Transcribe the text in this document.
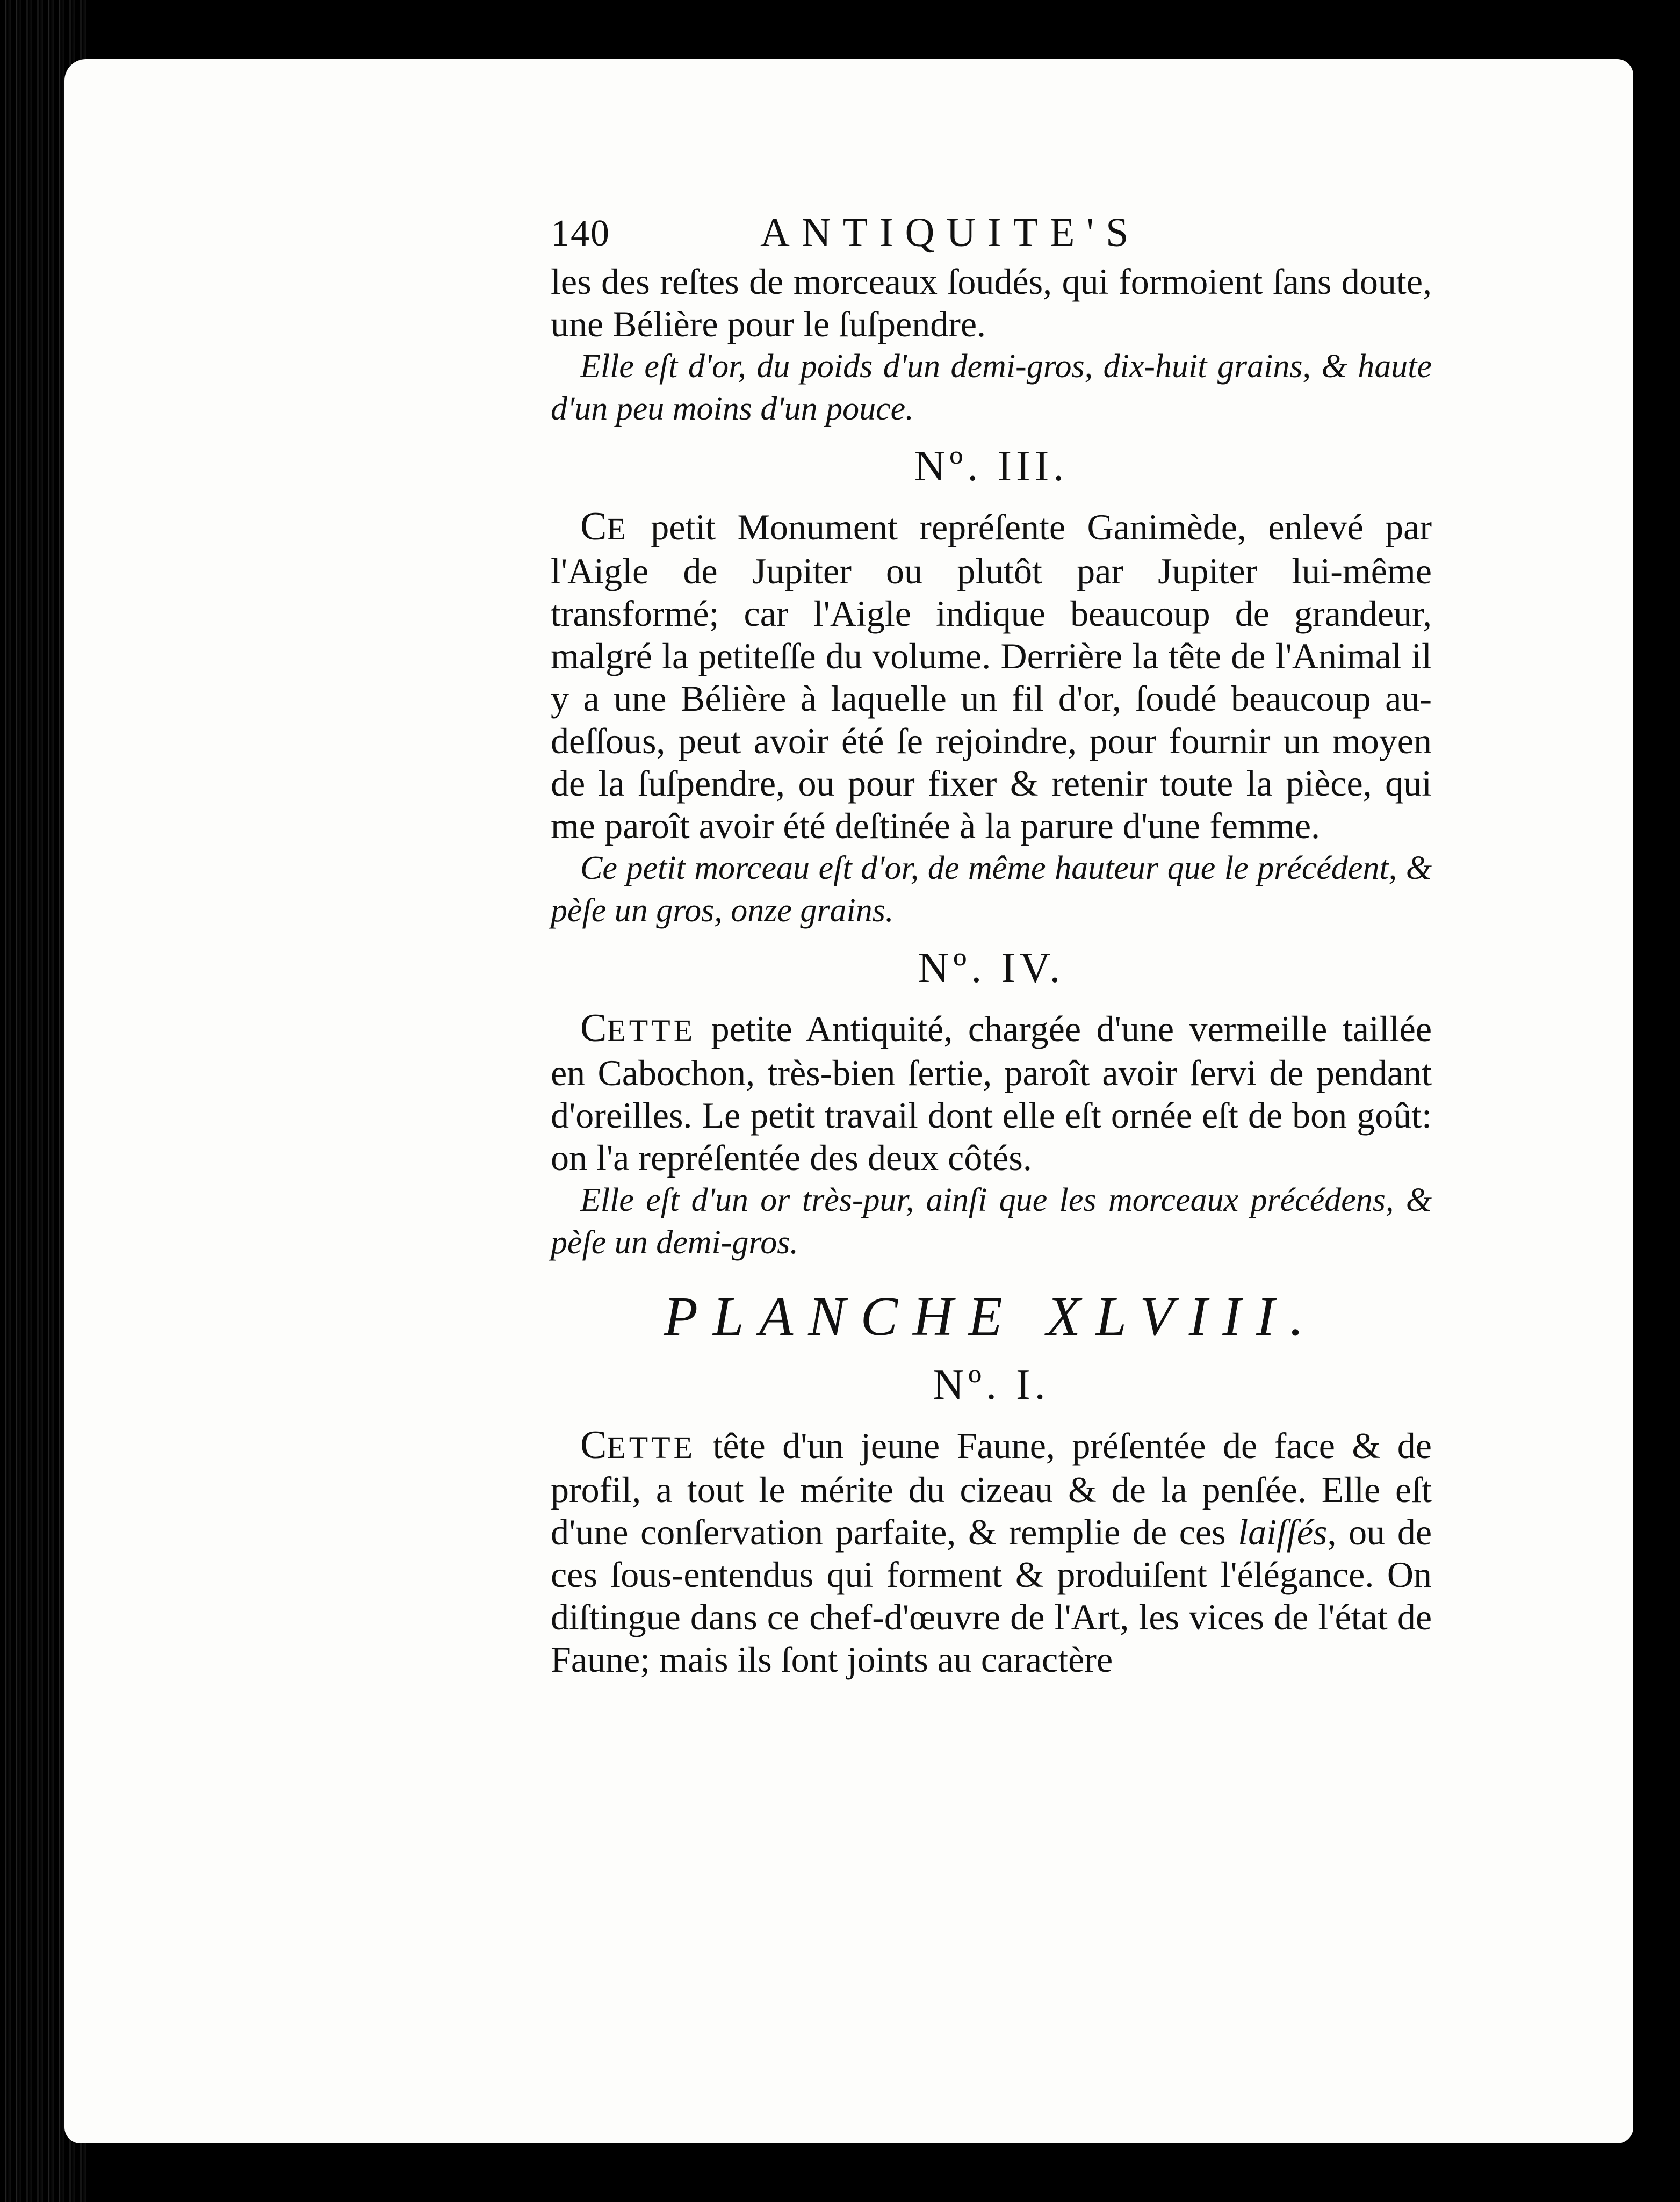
140	ANTIQUITE'S

les des reſtes de morceaux ſoudés, qui formoient ſans doute, une Bélière pour le ſuſpendre.

Elle eſt d'or, du poids d'un demi-gros, dix-huit grains, & haute d'un peu moins d'un pouce.

Nº. III.

CE petit Monument repréſente Ganimède, enlevé par l'Aigle de Jupiter ou plutôt par Jupiter lui-même transformé; car l'Aigle indique beaucoup de grandeur, malgré la petiteſſe du volume. Derrière la tête de l'Animal il y a une Bélière à laquelle un fil d'or, ſoudé beaucoup au-deſſous, peut avoir été ſe rejoindre, pour fournir un moyen de la ſuſpendre, ou pour fixer & retenir toute la pièce, qui me paroît avoir été deſtinée à la parure d'une femme.

Ce petit morceau eſt d'or, de même hauteur que le précédent, & pèſe un gros, onze grains.

Nº. IV.

CETTE petite Antiquité, chargée d'une vermeille taillée en Cabochon, très-bien ſertie, paroît avoir ſervi de pendant d'oreilles. Le petit travail dont elle eſt ornée eſt de bon goût: on l'a repréſentée des deux côtés.

Elle eſt d'un or très-pur, ainſi que les morceaux précédens, & pèſe un demi-gros.

PLANCHE XLVIII.
Nº. I.

CETTE tête d'un jeune Faune, préſentée de face & de profil, a tout le mérite du cizeau & de la penſée. Elle eſt d'une conſervation parfaite, & remplie de ces laiſſés, ou de ces ſous-entendus qui forment & produiſent l'élégance. On diſtingue dans ce chef-d'œuvre de l'Art, les vices de l'état de Faune; mais ils ſont joints au caractère
